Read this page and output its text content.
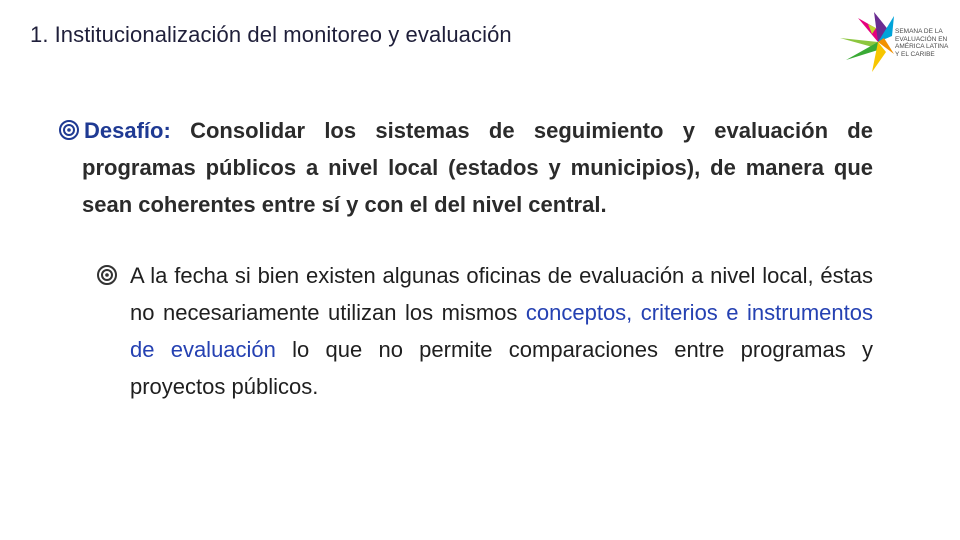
1. Institucionalización del monitoreo y evaluación	SEMANA DE LA
EVALUACIÓN EN
AMÉRICA LATINA
Y EL CARIBE
Desafío: Consolidar los sistemas de seguimiento y evaluación de programas públicos a nivel local (estados y municipios), de manera que sean coherentes entre sí y con el del nivel central.
A la fecha si bien existen algunas oficinas de evaluación a nivel local, éstas no necesariamente utilizan los mismos conceptos, criterios e instrumentos de evaluación lo que no permite comparaciones entre programas y proyectos públicos.
